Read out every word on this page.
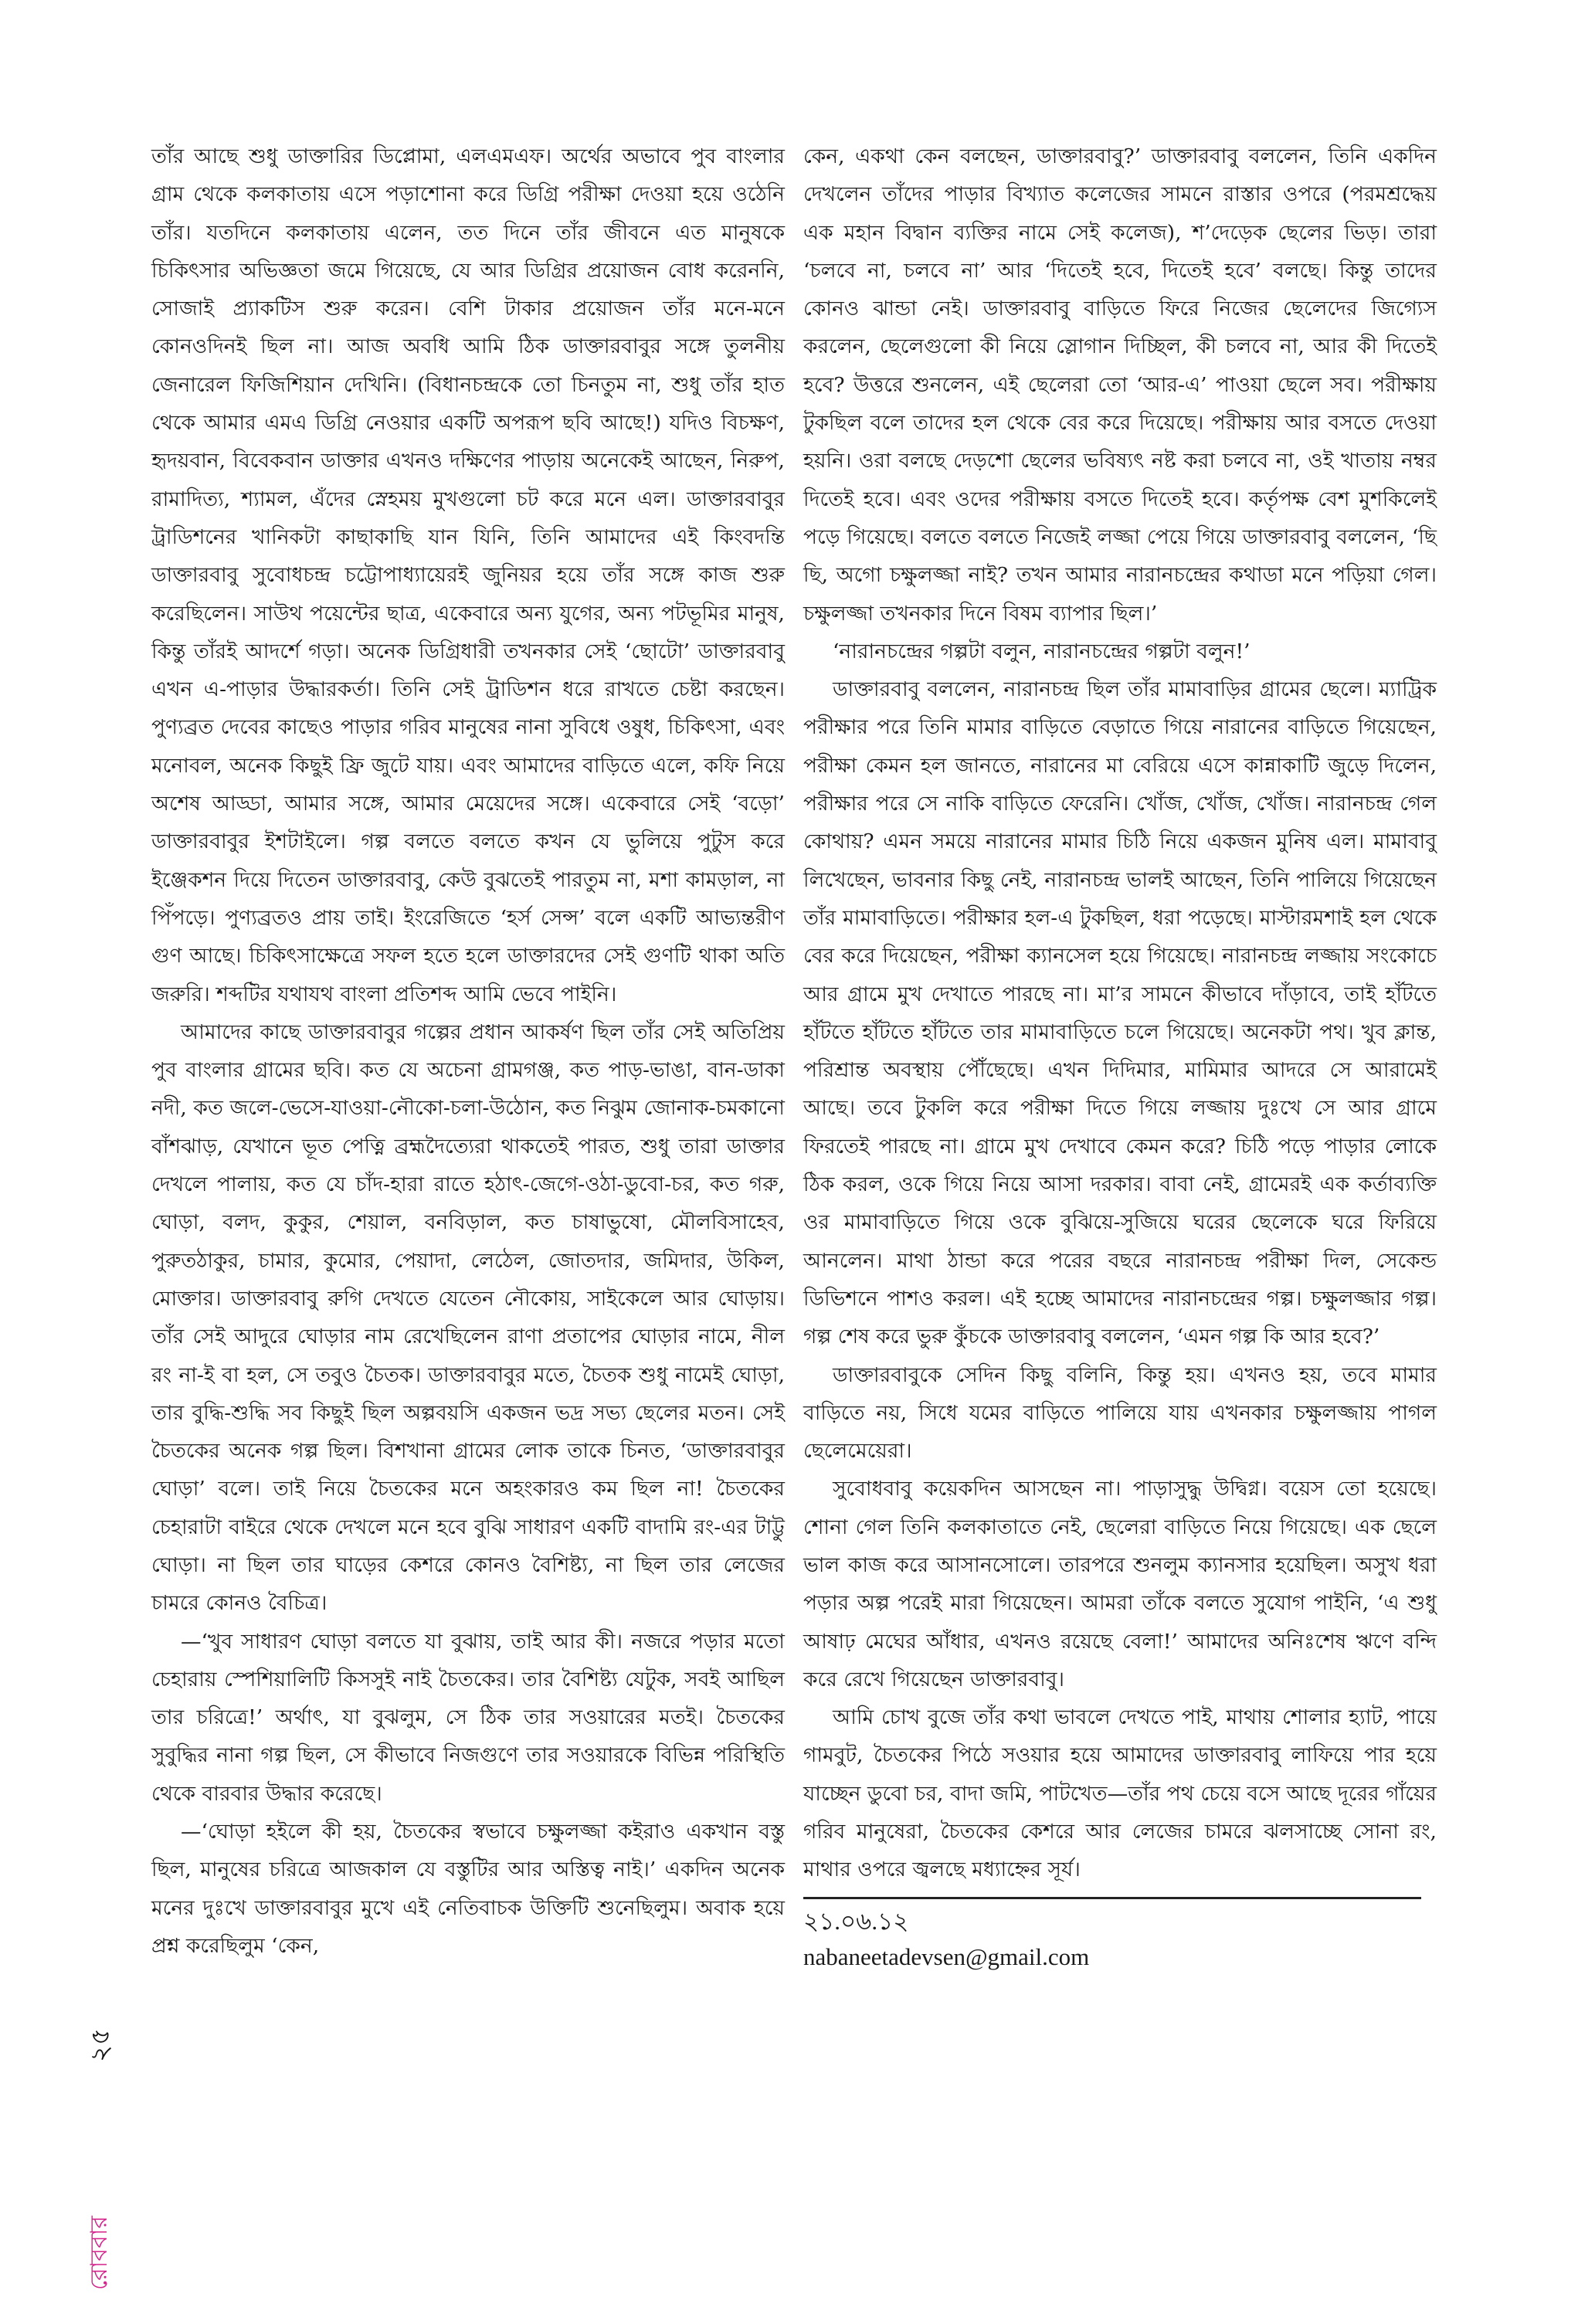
তাঁর আছে শুধু ডাক্তারির ডিপ্লোমা, এলএমএফ। অর্থের অভাবে পুব বাংলার গ্রাম থেকে কলকাতায় এসে পড়াশোনা করে ডিগ্রি পরীক্ষা দেওয়া হয়ে ওঠেনি তাঁর। যতদিনে কলকাতায় এলেন, তত দিনে তাঁর জীবনে এত মানুষকে চিকিৎসার অভিজ্ঞতা জমে গিয়েছে, যে আর ডিগ্রির প্রয়োজন বোধ করেননি, সোজাই প্র্যাকটিস শুরু করেন। বেশি টাকার প্রয়োজন তাঁর মনে-মনে কোনওদিনই ছিল না। আজ অবধি আমি ঠিক ডাক্তারবাবুর সঙ্গে তুলনীয় জেনারেল ফিজিশিয়ান দেখিনি। (বিধানচন্দ্রকে তো চিনতুম না, শুধু তাঁর হাত থেকে আমার এমএ ডিগ্রি নেওয়ার একটি অপরূপ ছবি আছে!) যদিও বিচক্ষণ, হৃদয়বান, বিবেকবান ডাক্তার এখনও দক্ষিণের পাড়ায় অনেকেই আছেন, নিরুপ, রামাদিত্য, শ্যামল, এঁদের স্নেহময় মুখগুলো চট করে মনে এল। ডাক্তারবাবুর ট্রাডিশনের খানিকটা কাছাকাছি যান যিনি, তিনি আমাদের এই কিংবদন্তি ডাক্তারবাবু সুবোধচন্দ্র চট্টোপাধ্যায়েরই জুনিয়র হয়ে তাঁর সঙ্গে কাজ শুরু করেছিলেন। সাউথ পয়েন্টের ছাত্র, একেবারে অন্য যুগের, অন্য পটভূমির মানুষ, কিন্তু তাঁরই আদর্শে গড়া। অনেক ডিগ্রিধারী তখনকার সেই ‘ছোটো’ ডাক্তারবাবু এখন এ-পাড়ার উদ্ধারকর্তা। তিনি সেই ট্রাডিশন ধরে রাখতে চেষ্টা করছেন। পুণ্যব্রত দেবের কাছেও পাড়ার গরিব মানুষের নানা সুবিধে ওষুধ, চিকিৎসা, এবং মনোবল, অনেক কিছুই ফ্রি জুটে যায়। এবং আমাদের বাড়িতে এলে, কফি নিয়ে অশেষ আড্ডা, আমার সঙ্গে, আমার মেয়েদের সঙ্গে। একেবারে সেই ‘বড়ো’ ডাক্তারবাবুর ইশটাইলে। গল্প বলতে বলতে কখন যে ভুলিয়ে পুটুস করে ইঞ্জেকশন দিয়ে দিতেন ডাক্তারবাবু, কেউ বুঝতেই পারতুম না, মশা কামড়াল, না পিঁপড়ে। পুণ্যব্রতও প্রায় তাই। ইংরেজিতে ‘হর্স সেন্স’ বলে একটি আভ্যন্তরীণ গুণ আছে। চিকিৎসাক্ষেত্রে সফল হতে হলে ডাক্তারদের সেই গুণটি থাকা অতি জরুরি। শব্দটির যথাযথ বাংলা প্রতিশব্দ আমি ভেবে পাইনি।

আমাদের কাছে ডাক্তারবাবুর গল্পের প্রধান আকর্ষণ ছিল তাঁর সেই অতিপ্রিয় পুব বাংলার গ্রামের ছবি। কত যে অচেনা গ্রামগঞ্জ, কত পাড়-ভাঙা, বান-ডাকা নদী, কত জলে-ভেসে-যাওয়া-নৌকো-চলা-উঠোন, কত নিঝুম জোনাক-চমকানো বাঁশঝাড়, যেখানে ভূত পেত্নি ব্রহ্মদৈত্যেরা থাকতেই পারত, শুধু তারা ডাক্তার দেখলে পালায়, কত যে চাঁদ-হারা রাতে হঠাৎ-জেগে-ওঠা-ডুবো-চর, কত গরু, ঘোড়া, বলদ, কুকুর, শেয়াল, বনবিড়াল, কত চাষাভুষো, মৌলবিসাহেব, পুরুতঠাকুর, চামার, কুমোর, পেয়াদা, লেঠেল, জোতদার, জমিদার, উকিল, মোক্তার। ডাক্তারবাবু রুগি দেখতে যেতেন নৌকোয়, সাইকেলে আর ঘোড়ায়। তাঁর সেই আদুরে ঘোড়ার নাম রেখেছিলেন রাণা প্রতাপের ঘোড়ার নামে, নীল রং না-ই বা হল, সে তবুও চৈতক। ডাক্তারবাবুর মতে, চৈতক শুধু নামেই ঘোড়া, তার বুদ্ধি-শুদ্ধি সব কিছুই ছিল অল্পবয়সি একজন ভদ্র সভ্য ছেলের মতন। সেই চৈতকের অনেক গল্প ছিল। বিশখানা গ্রামের লোক তাকে চিনত, ‘ডাক্তারবাবুর ঘোড়া’ বলে। তাই নিয়ে চৈতকের মনে অহংকারও কম ছিল না! চৈতকের চেহারাটা বাইরে থেকে দেখলে মনে হবে বুঝি সাধারণ একটি বাদামি রং-এর টাট্টু ঘোড়া। না ছিল তার ঘাড়ের কেশরে কোনও বৈশিষ্ট্য, না ছিল তার লেজের চামরে কোনও বৈচিত্র।

—‘খুব সাধারণ ঘোড়া বলতে যা বুঝায়, তাই আর কী। নজরে পড়ার মতো চেহারায় স্পেশিয়ালিটি কিসসুই নাই চৈতকের। তার বৈশিষ্ট্য যেটুক, সবই আছিল তার চরিত্রে!’ অর্থাৎ, যা বুঝলুম, সে ঠিক তার সওয়ারের মতই। চৈতকের সুবুদ্ধির নানা গল্প ছিল, সে কীভাবে নিজগুণে তার সওয়ারকে বিভিন্ন পরিস্থিতি থেকে বারবার উদ্ধার করেছে।

—‘ঘোড়া হইলে কী হয়, চৈতকের স্বভাবে চক্ষুলজ্জা কইরাও একখান বস্তু ছিল, মানুষের চরিত্রে আজকাল যে বস্তুটির আর অস্তিত্ব নাই।’ একদিন অনেক মনের দুঃখে ডাক্তারবাবুর মুখে এই নেতিবাচক উক্তিটি শুনেছিলুম। অবাক হয়ে প্রশ্ন করেছিলুম ‘কেন,

কেন, একথা কেন বলছেন, ডাক্তারবাবু?’ ডাক্তারবাবু বললেন, তিনি একদিন দেখলেন তাঁদের পাড়ার বিখ্যাত কলেজের সামনে রাস্তার ওপরে (পরমশ্রদ্ধেয় এক মহান বিদ্বান ব্যক্তির নামে সেই কলেজ), শ’দেড়েক ছেলের ভিড়। তারা ‘চলবে না, চলবে না’ আর ‘দিতেই হবে, দিতেই হবে’ বলছে। কিন্তু তাদের কোনও ঝান্ডা নেই। ডাক্তারবাবু বাড়িতে ফিরে নিজের ছেলেদের জিগ্যেস করলেন, ছেলেগুলো কী নিয়ে স্লোগান দিচ্ছিল, কী চলবে না, আর কী দিতেই হবে? উত্তরে শুনলেন, এই ছেলেরা তো ‘আর-এ’ পাওয়া ছেলে সব। পরীক্ষায় টুকছিল বলে তাদের হল থেকে বের করে দিয়েছে। পরীক্ষায় আর বসতে দেওয়া হয়নি। ওরা বলছে দেড়শো ছেলের ভবিষ্যৎ নষ্ট করা চলবে না, ওই খাতায় নম্বর দিতেই হবে। এবং ওদের পরীক্ষায় বসতে দিতেই হবে। কর্তৃপক্ষ বেশ মুশকিলেই পড়ে গিয়েছে। বলতে বলতে নিজেই লজ্জা পেয়ে গিয়ে ডাক্তারবাবু বললেন, ‘ছি ছি, অগো চক্ষুলজ্জা নাই? তখন আমার নারানচন্দ্রের কথাডা মনে পড়িয়া গেল। চক্ষুলজ্জা তখনকার দিনে বিষম ব্যাপার ছিল।’

‘নারানচন্দ্রের গল্পটা বলুন, নারানচন্দ্রের গল্পটা বলুন!’

ডাক্তারবাবু বললেন, নারানচন্দ্র ছিল তাঁর মামাবাড়ির গ্রামের ছেলে। ম্যাট্রিক পরীক্ষার পরে তিনি মামার বাড়িতে বেড়াতে গিয়ে নারানের বাড়িতে গিয়েছেন, পরীক্ষা কেমন হল জানতে, নারানের মা বেরিয়ে এসে কান্নাকাটি জুড়ে দিলেন, পরীক্ষার পরে সে নাকি বাড়িতে ফেরেনি। খোঁজ, খোঁজ, খোঁজ। নারানচন্দ্র গেল কোথায়? এমন সময়ে নারানের মামার চিঠি নিয়ে একজন মুনিষ এল। মামাবাবু লিখেছেন, ভাবনার কিছু নেই, নারানচন্দ্র ভালই আছেন, তিনি পালিয়ে গিয়েছেন তাঁর মামাবাড়িতে। পরীক্ষার হল-এ টুকছিল, ধরা পড়েছে। মাস্টারমশাই হল থেকে বের করে দিয়েছেন, পরীক্ষা ক্যানসেল হয়ে গিয়েছে। নারানচন্দ্র লজ্জায় সংকোচে আর গ্রামে মুখ দেখাতে পারছে না। মা’র সামনে কীভাবে দাঁড়াবে, তাই হাঁটতে হাঁটতে হাঁটতে হাঁটতে তার মামাবাড়িতে চলে গিয়েছে। অনেকটা পথ। খুব ক্লান্ত, পরিশ্রান্ত অবস্থায় পৌঁছেছে। এখন দিদিমার, মামিমার আদরে সে আরামেই আছে। তবে টুকলি করে পরীক্ষা দিতে গিয়ে লজ্জায় দুঃখে সে আর গ্রামে ফিরতেই পারছে না। গ্রামে মুখ দেখাবে কেমন করে? চিঠি পড়ে পাড়ার লোকে ঠিক করল, ওকে গিয়ে নিয়ে আসা দরকার। বাবা নেই, গ্রামেরই এক কর্তাব্যক্তি ওর মামাবাড়িতে গিয়ে ওকে বুঝিয়ে-সুজিয়ে ঘরের ছেলেকে ঘরে ফিরিয়ে আনলেন। মাথা ঠান্ডা করে পরের বছরে নারানচন্দ্র পরীক্ষা দিল, সেকেন্ড ডিভিশনে পাশও করল। এই হচ্ছে আমাদের নারানচন্দ্রের গল্প। চক্ষুলজ্জার গল্প। গল্প শেষ করে ভুরু কুঁচকে ডাক্তারবাবু বললেন, ‘এমন গল্প কি আর হবে?’

ডাক্তারবাবুকে সেদিন কিছু বলিনি, কিন্তু হয়। এখনও হয়, তবে মামার বাড়িতে নয়, সিধে যমের বাড়িতে পালিয়ে যায় এখনকার চক্ষুলজ্জায় পাগল ছেলেমেয়েরা।

সুবোধবাবু কয়েকদিন আসছেন না। পাড়াসুদ্ধু উদ্বিগ্ন। বয়েস তো হয়েছে। শোনা গেল তিনি কলকাতাতে নেই, ছেলেরা বাড়িতে নিয়ে গিয়েছে। এক ছেলে ভাল কাজ করে আসানসোলে। তারপরে শুনলুম ক্যানসার হয়েছিল। অসুখ ধরা পড়ার অল্প পরেই মারা গিয়েছেন। আমরা তাঁকে বলতে সুযোগ পাইনি, ‘এ শুধু আষাঢ় মেঘের আঁধার, এখনও রয়েছে বেলা!’ আমাদের অনিঃশেষ ঋণে বন্দি করে রেখে গিয়েছেন ডাক্তারবাবু।

আমি চোখ বুজে তাঁর কথা ভাবলে দেখতে পাই, মাথায় শোলার হ্যাট, পায়ে গামবুট, চৈতকের পিঠে সওয়ার হয়ে আমাদের ডাক্তারবাবু লাফিয়ে পার হয়ে যাচ্ছেন ডুবো চর, বাদা জমি, পাটখেত—তাঁর পথ চেয়ে বসে আছে দূরের গাঁয়ের গরিব মানুষেরা, চৈতকের কেশরে আর লেজের চামরে ঝলসাচ্ছে সোনা রং, মাথার ওপরে জ্বলছে মধ্যাহ্নের সূর্য।

২১.০৬.১২

nabaneetadevsen@gmail.com

২৫
রোববার
